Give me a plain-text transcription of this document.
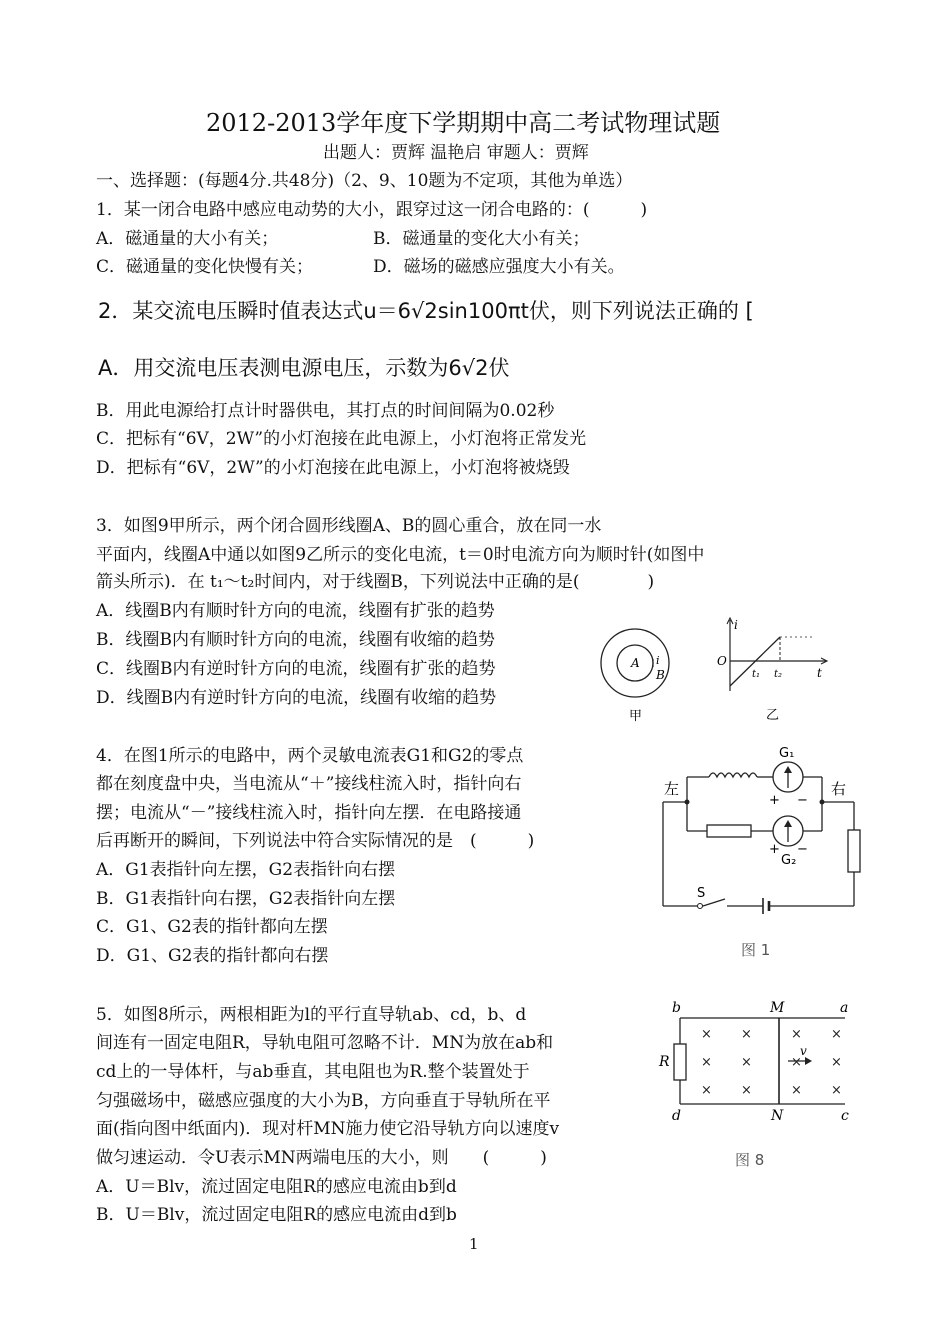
2012-2013学年度下学期期中高二考试物理试题
出题人：贾辉 温艳启 审题人：贾辉
一、选择题：(每题4分.共48分)（2、9、10题为不定项，其他为单选）
1．某一闭合电路中感应电动势的大小，跟穿过这一闭合电路的：(　　　)
A．磁通量的大小有关；	B．磁通量的变化大小有关；
C．磁通量的变化快慢有关；	D．磁场的磁感应强度大小有关。
2．某交流电压瞬时值表达式u＝6√2sin100πt伏，则下列说法正确的 [
A．用交流电压表测电源电压，示数为6√2伏
B．用此电源给打点计时器供电，其打点的时间间隔为0.02秒
C．把标有“6V，2W”的小灯泡接在此电源上，小灯泡将正常发光
D．把标有“6V，2W”的小灯泡接在此电源上，小灯泡将被烧毁
3．如图9甲所示，两个闭合圆形线圈A、B的圆心重合，放在同一水
平面内，线圈A中通以如图9乙所示的变化电流，t＝0时电流方向为顺时针(如图中
箭头所示)．在 t₁～t₂时间内，对于线圈B，下列说法中正确的是(　　　　)
A．线圈B内有顺时针方向的电流，线圈有扩张的趋势
B．线圈B内有顺时针方向的电流，线圈有收缩的趋势
C．线圈B内有逆时针方向的电流，线圈有扩张的趋势
D．线圈B内有逆时针方向的电流，线圈有收缩的趋势
A i
B
甲
i
t
O
t₁ t₂
乙
4．在图1所示的电路中，两个灵敏电流表G1和G2的零点
都在刻度盘中央，当电流从“＋”接线柱流入时，指针向右
摆；电流从“－”接线柱流入时，指针向左摆．在电路接通
后再断开的瞬间，下列说法中符合实际情况的是　(　　　)
A．G1表指针向左摆，G2表指针向右摆
B．G1表指针向右摆，G2表指针向左摆
C．G1、G2表的指针都向左摆
D．G1、G2表的指针都向右摆
左	右
G₁
G₂
+ −
+ −
S
图 1
5．如图8所示，两根相距为l的平行直导轨ab、cd，b、d
间连有一固定电阻R，导轨电阻可忽略不计．MN为放在ab和
cd上的一导体杆，与ab垂直，其电阻也为R.整个装置处于
匀强磁场中，磁感应强度的大小为B，方向垂直于导轨所在平
面(指向图中纸面内)．现对杆MN施力使它沿导轨方向以速度v
做匀速运动．令U表示MN两端电压的大小，则　　(　　　)
A．U＝Blv，流过固定电阻R的感应电流由b到d
B．U＝Blv，流过固定电阻R的感应电流由d到b
× ×	× ×
× ×	× ×
× ×	× ×
b	a
d	c
M
N
R
v
图 8
1
